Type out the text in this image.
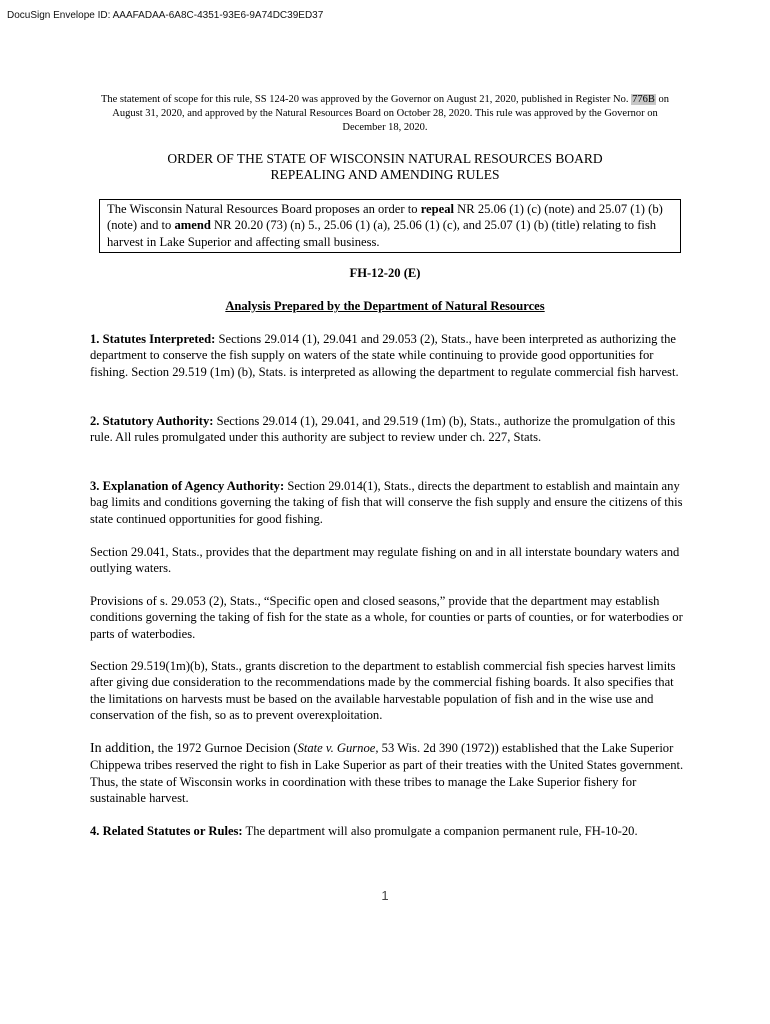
DocuSign Envelope ID: AAAFADAA-6A8C-4351-93E6-9A74DC39ED37
The statement of scope for this rule, SS 124-20 was approved by the Governor on August 21, 2020, published in Register No. 776B on August 31, 2020, and approved by the Natural Resources Board on October 28, 2020. This rule was approved by the Governor on December 18, 2020.
ORDER OF THE STATE OF WISCONSIN NATURAL RESOURCES BOARD
REPEALING AND AMENDING RULES
The Wisconsin Natural Resources Board proposes an order to repeal NR 25.06 (1) (c) (note) and 25.07 (1) (b) (note) and to amend NR 20.20 (73) (n) 5., 25.06 (1) (a), 25.06 (1) (c), and 25.07 (1) (b) (title) relating to fish harvest in Lake Superior and affecting small business.
FH-12-20 (E)
Analysis Prepared by the Department of Natural Resources
1. Statutes Interpreted: Sections 29.014 (1), 29.041 and 29.053 (2), Stats., have been interpreted as authorizing the department to conserve the fish supply on waters of the state while continuing to provide good opportunities for fishing. Section 29.519 (1m) (b), Stats. is interpreted as allowing the department to regulate commercial fish harvest.
2. Statutory Authority: Sections 29.014 (1), 29.041, and 29.519 (1m) (b), Stats., authorize the promulgation of this rule. All rules promulgated under this authority are subject to review under ch. 227, Stats.
3. Explanation of Agency Authority: Section 29.014(1), Stats., directs the department to establish and maintain any bag limits and conditions governing the taking of fish that will conserve the fish supply and ensure the citizens of this state continued opportunities for good fishing.
Section 29.041, Stats., provides that the department may regulate fishing on and in all interstate boundary waters and outlying waters.
Provisions of s. 29.053 (2), Stats., “Specific open and closed seasons,” provide that the department may establish conditions governing the taking of fish for the state as a whole, for counties or parts of counties, or for waterbodies or parts of waterbodies.
Section 29.519(1m)(b), Stats., grants discretion to the department to establish commercial fish species harvest limits after giving due consideration to the recommendations made by the commercial fishing boards. It also specifies that the limitations on harvests must be based on the available harvestable population of fish and in the wise use and conservation of the fish, so as to prevent overexploitation.
In addition, the 1972 Gurnoe Decision (State v. Gurnoe, 53 Wis. 2d 390 (1972)) established that the Lake Superior Chippewa tribes reserved the right to fish in Lake Superior as part of their treaties with the United States government. Thus, the state of Wisconsin works in coordination with these tribes to manage the Lake Superior fishery for sustainable harvest.
4. Related Statutes or Rules: The department will also promulgate a companion permanent rule, FH-10-20.
1
